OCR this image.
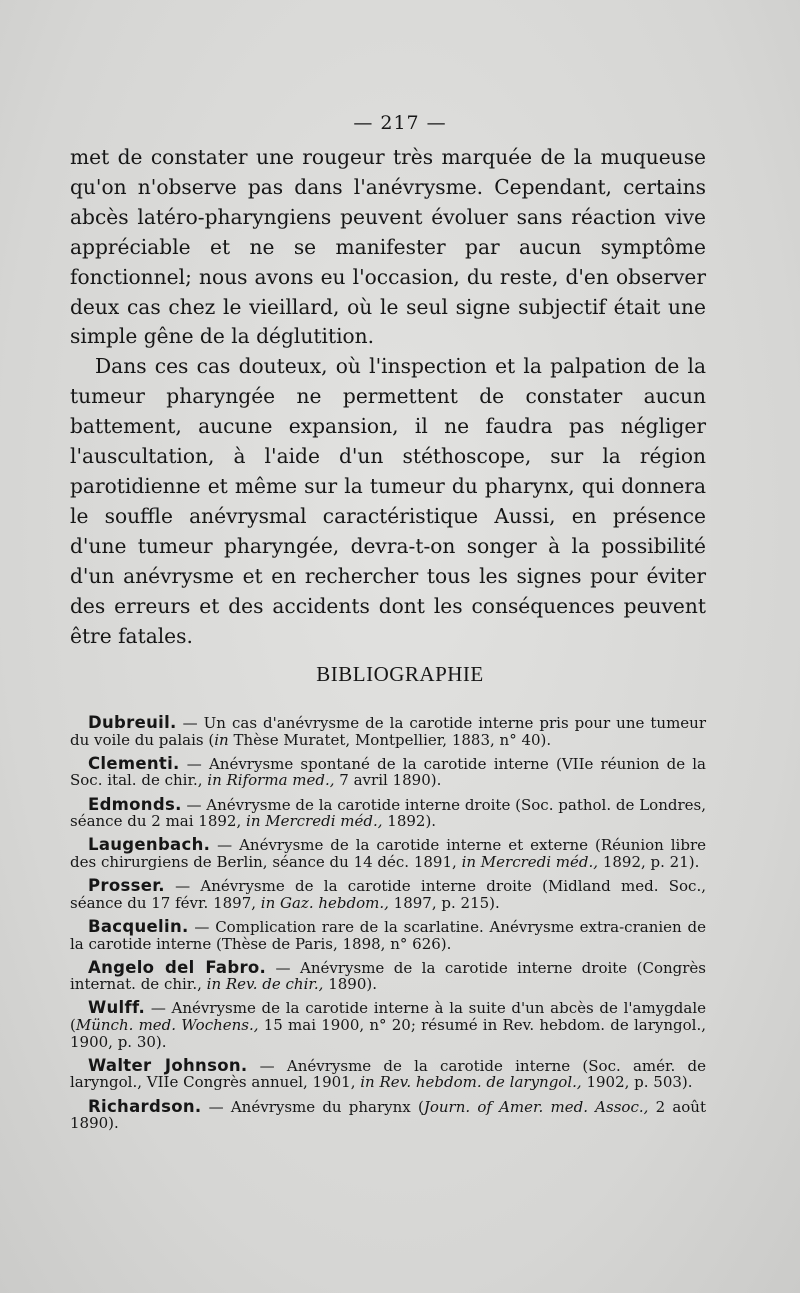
— 217 —

met de constater une rougeur très marquée de la muqueuse qu'on n'observe pas dans l'anévrysme. Cependant, certains abcès latéro-pharyngiens peuvent évoluer sans réaction vive appréciable et ne se manifester par aucun symptôme fonctionnel; nous avons eu l'occasion, du reste, d'en observer deux cas chez le vieillard, où le seul signe subjectif était une simple gêne de la déglutition.

Dans ces cas douteux, où l'inspection et la palpation de la tumeur pharyngée ne permettent de constater aucun battement, aucune expansion, il ne faudra pas négliger l'auscultation, à l'aide d'un stéthoscope, sur la région parotidienne et même sur la tumeur du pharynx, qui donnera le souffle anévrysmal caractéristique Aussi, en présence d'une tumeur pharyngée, devra-t-on songer à la possibilité d'un anévrysme et en rechercher tous les signes pour éviter des erreurs et des accidents dont les conséquences peuvent être fatales.

BIBLIOGRAPHIE

Dubreuil. — Un cas d'anévrysme de la carotide interne pris pour une tumeur du voile du palais (in Thèse Muratet, Montpellier, 1883, n° 40).

Clementi. — Anévrysme spontané de la carotide interne (VIIe réunion de la Soc. ital. de chir., in Riforma med., 7 avril 1890).

Edmonds. — Anévrysme de la carotide interne droite (Soc. pathol. de Londres, séance du 2 mai 1892, in Mercredi méd., 1892).

Laugenbach. — Anévrysme de la carotide interne et externe (Réunion libre des chirurgiens de Berlin, séance du 14 déc. 1891, in Mercredi méd., 1892, p. 21).

Prosser. — Anévrysme de la carotide interne droite (Midland med. Soc., séance du 17 févr. 1897, in Gaz. hebdom., 1897, p. 215).

Bacquelin. — Complication rare de la scarlatine. Anévrysme extra-cranien de la carotide interne (Thèse de Paris, 1898, n° 626).

Angelo del Fabro. — Anévrysme de la carotide interne droite (Congrès internat. de chir., in Rev. de chir., 1890).

Wulff. — Anévrysme de la carotide interne à la suite d'un abcès de l'amygdale (Münch. med. Wochens., 15 mai 1900, n° 20; résumé in Rev. hebdom. de laryngol., 1900, p. 30).

Walter Johnson. — Anévrysme de la carotide interne (Soc. amér. de laryngol., VIIe Congrès annuel, 1901, in Rev. hebdom. de laryngol., 1902, p. 503).

Richardson. — Anévrysme du pharynx (Journ. of Amer. med. Assoc., 2 août 1890).
